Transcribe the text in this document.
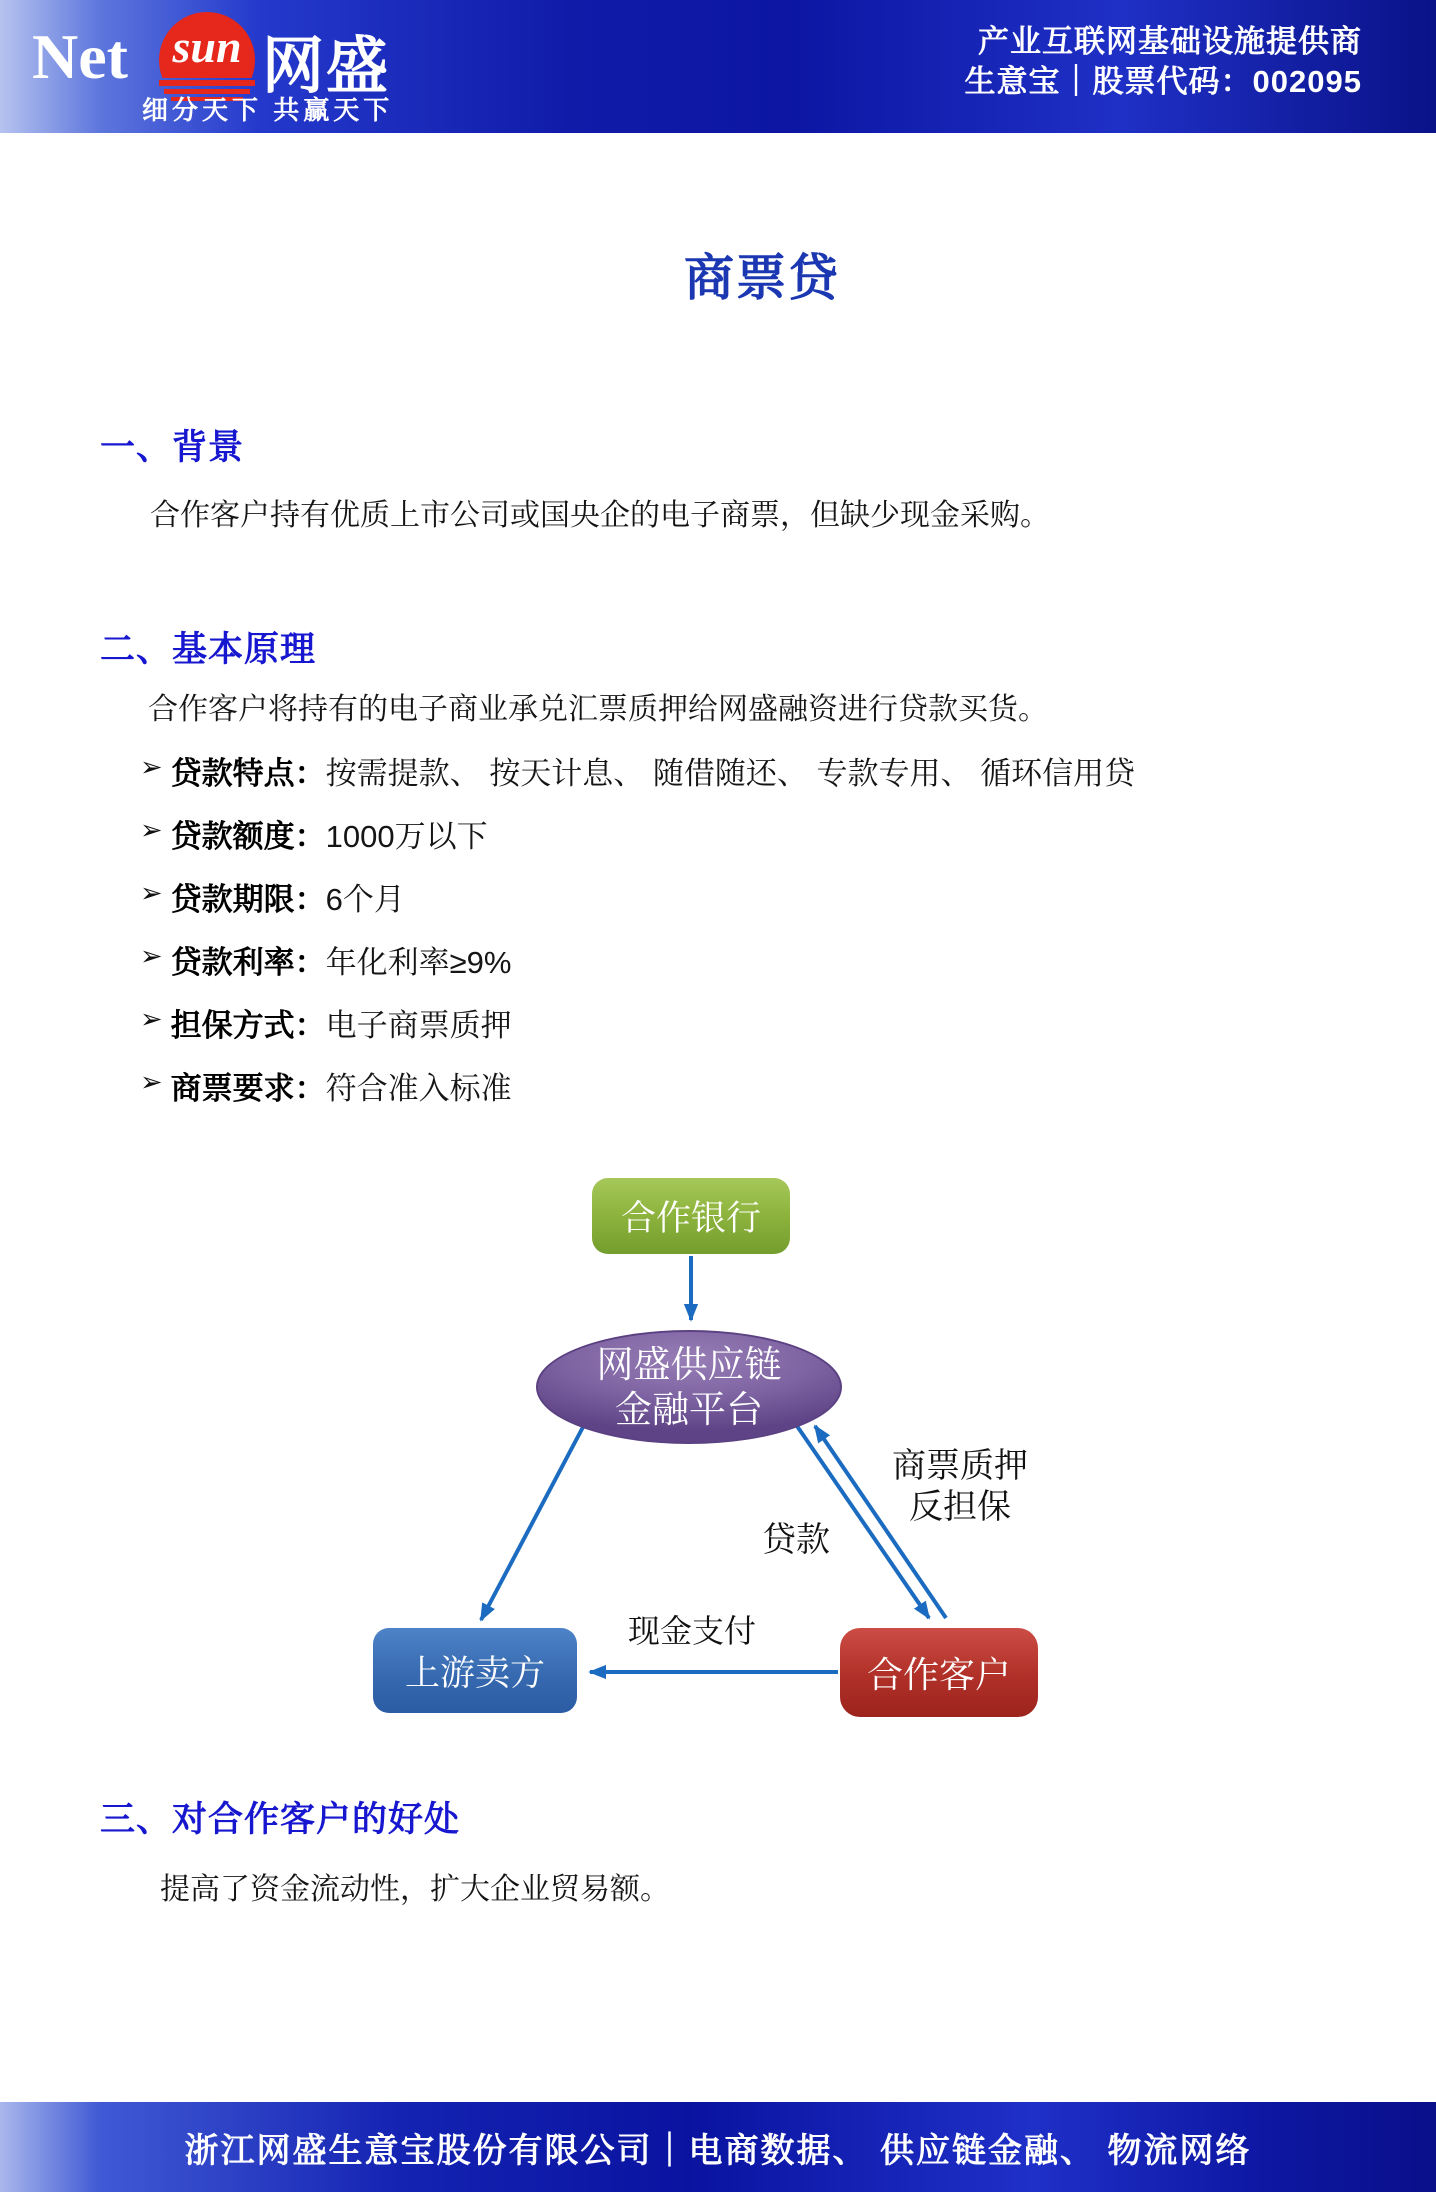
Net sun 网盛
细分天下 共赢天下
产业互联网基础设施提供商
生意宝｜股票代码：002095
商票贷
一、背景
合作客户持有优质上市公司或国央企的电子商票，但缺少现金采购。
二、基本原理
合作客户将持有的电子商业承兑汇票质押给网盛融资进行贷款买货。
➢ 贷款特点： 按需提款、 按天计息、 随借随还、 专款专用、 循环信用贷
➢ 贷款额度： 1000万以下
➢ 贷款期限： 6个月
➢ 贷款利率： 年化利率≥9%
➢ 担保方式： 电子商票质押
➢ 商票要求： 符合准入标准
合作银行
网盛供应链
金融平台
上游卖方	合作客户
贷款
商票质押
反担保
现金支付
三、对合作客户的好处
提高了资金流动性，扩大企业贸易额。
浙江网盛生意宝股份有限公司｜电商数据、 供应链金融、 物流网络
